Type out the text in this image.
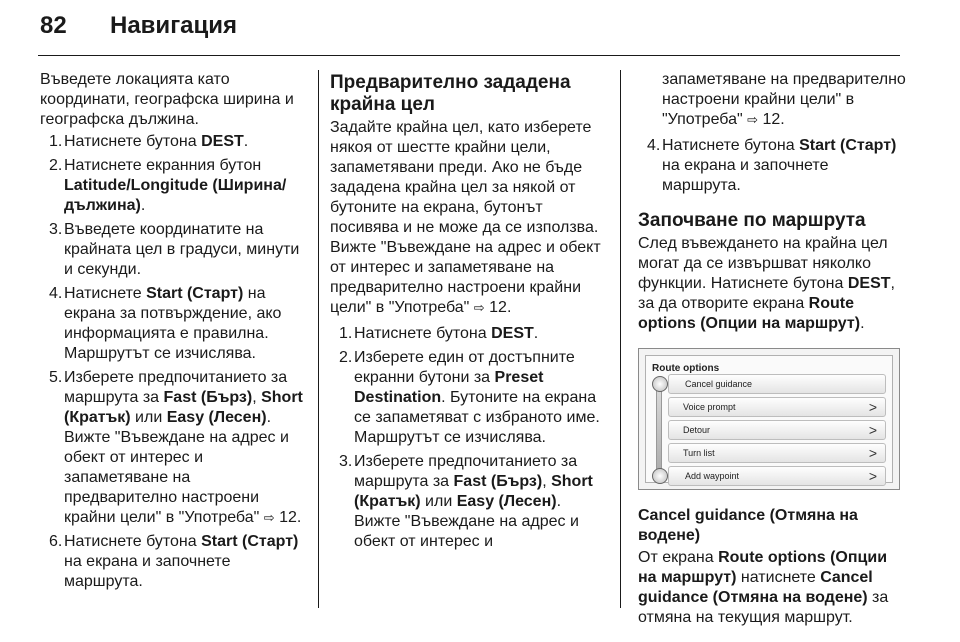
82	Навигация

Въведете локацията като координати, географска ширина и географска дължина.

1. Натиснете бутона DEST.
2. Натиснете екранния бутон Latitude/Longitude (Ширина/дължина).
3. Въведете координатите на крайната цел в градуси, минути и секунди.
4. Натиснете Start (Старт) на екрана за потвърждение, ако информацията е правилна. Маршрутът се изчислява.
5. Изберете предпочитанието за маршрута за Fast (Бърз), Short (Кратък) или Easy (Лесен). Вижте "Въвеждане на адрес и обект от интерес и запаметяване на предварително настроени крайни цели" в "Употреба" ⇨ 12.
6. Натиснете бутона Start (Старт) на екрана и започнете маршрута.
Предварително зададена крайна цел

Задайте крайна цел, като изберете някоя от шестте крайни цели, запаметявани преди. Ако не бъде зададена крайна цел за някой от бутоните на екрана, бутонът посивява и не може да се използва. Вижте "Въвеждане на адрес и обект от интерес и запаметяване на предварително настроени крайни цели" в "Употреба" ⇨ 12.

1. Натиснете бутона DEST.
2. Изберете един от достъпните екранни бутони за Preset Destination. Бутоните на екрана се запаметяват с избраното име. Маршрутът се изчислява.
3. Изберете предпочитанието за маршрута за Fast (Бърз), Short (Кратък) или Easy (Лесен). Вижте "Въвеждане на адрес и обект от интерес и

запаметяване на предварително настроени крайни цели" в "Употреба" ⇨ 12.

4. Натиснете бутона Start (Старт) на екрана и започнете маршрута.
Започване по маршрута

След въвеждането на крайна цел могат да се извършват няколко функции. Натиснете бутона DEST, за да отворите екрана Route options (Опции на маршрут).

Route options
Cancel guidance
Voice prompt	>
Detour	>
Turn list	>
Add waypoint	>
Cancel guidance (Отмяна на водене)

От екрана Route options (Опции на маршрут) натиснете Cancel guidance (Отмяна на водене) за отмяна на текущия маршрут.
